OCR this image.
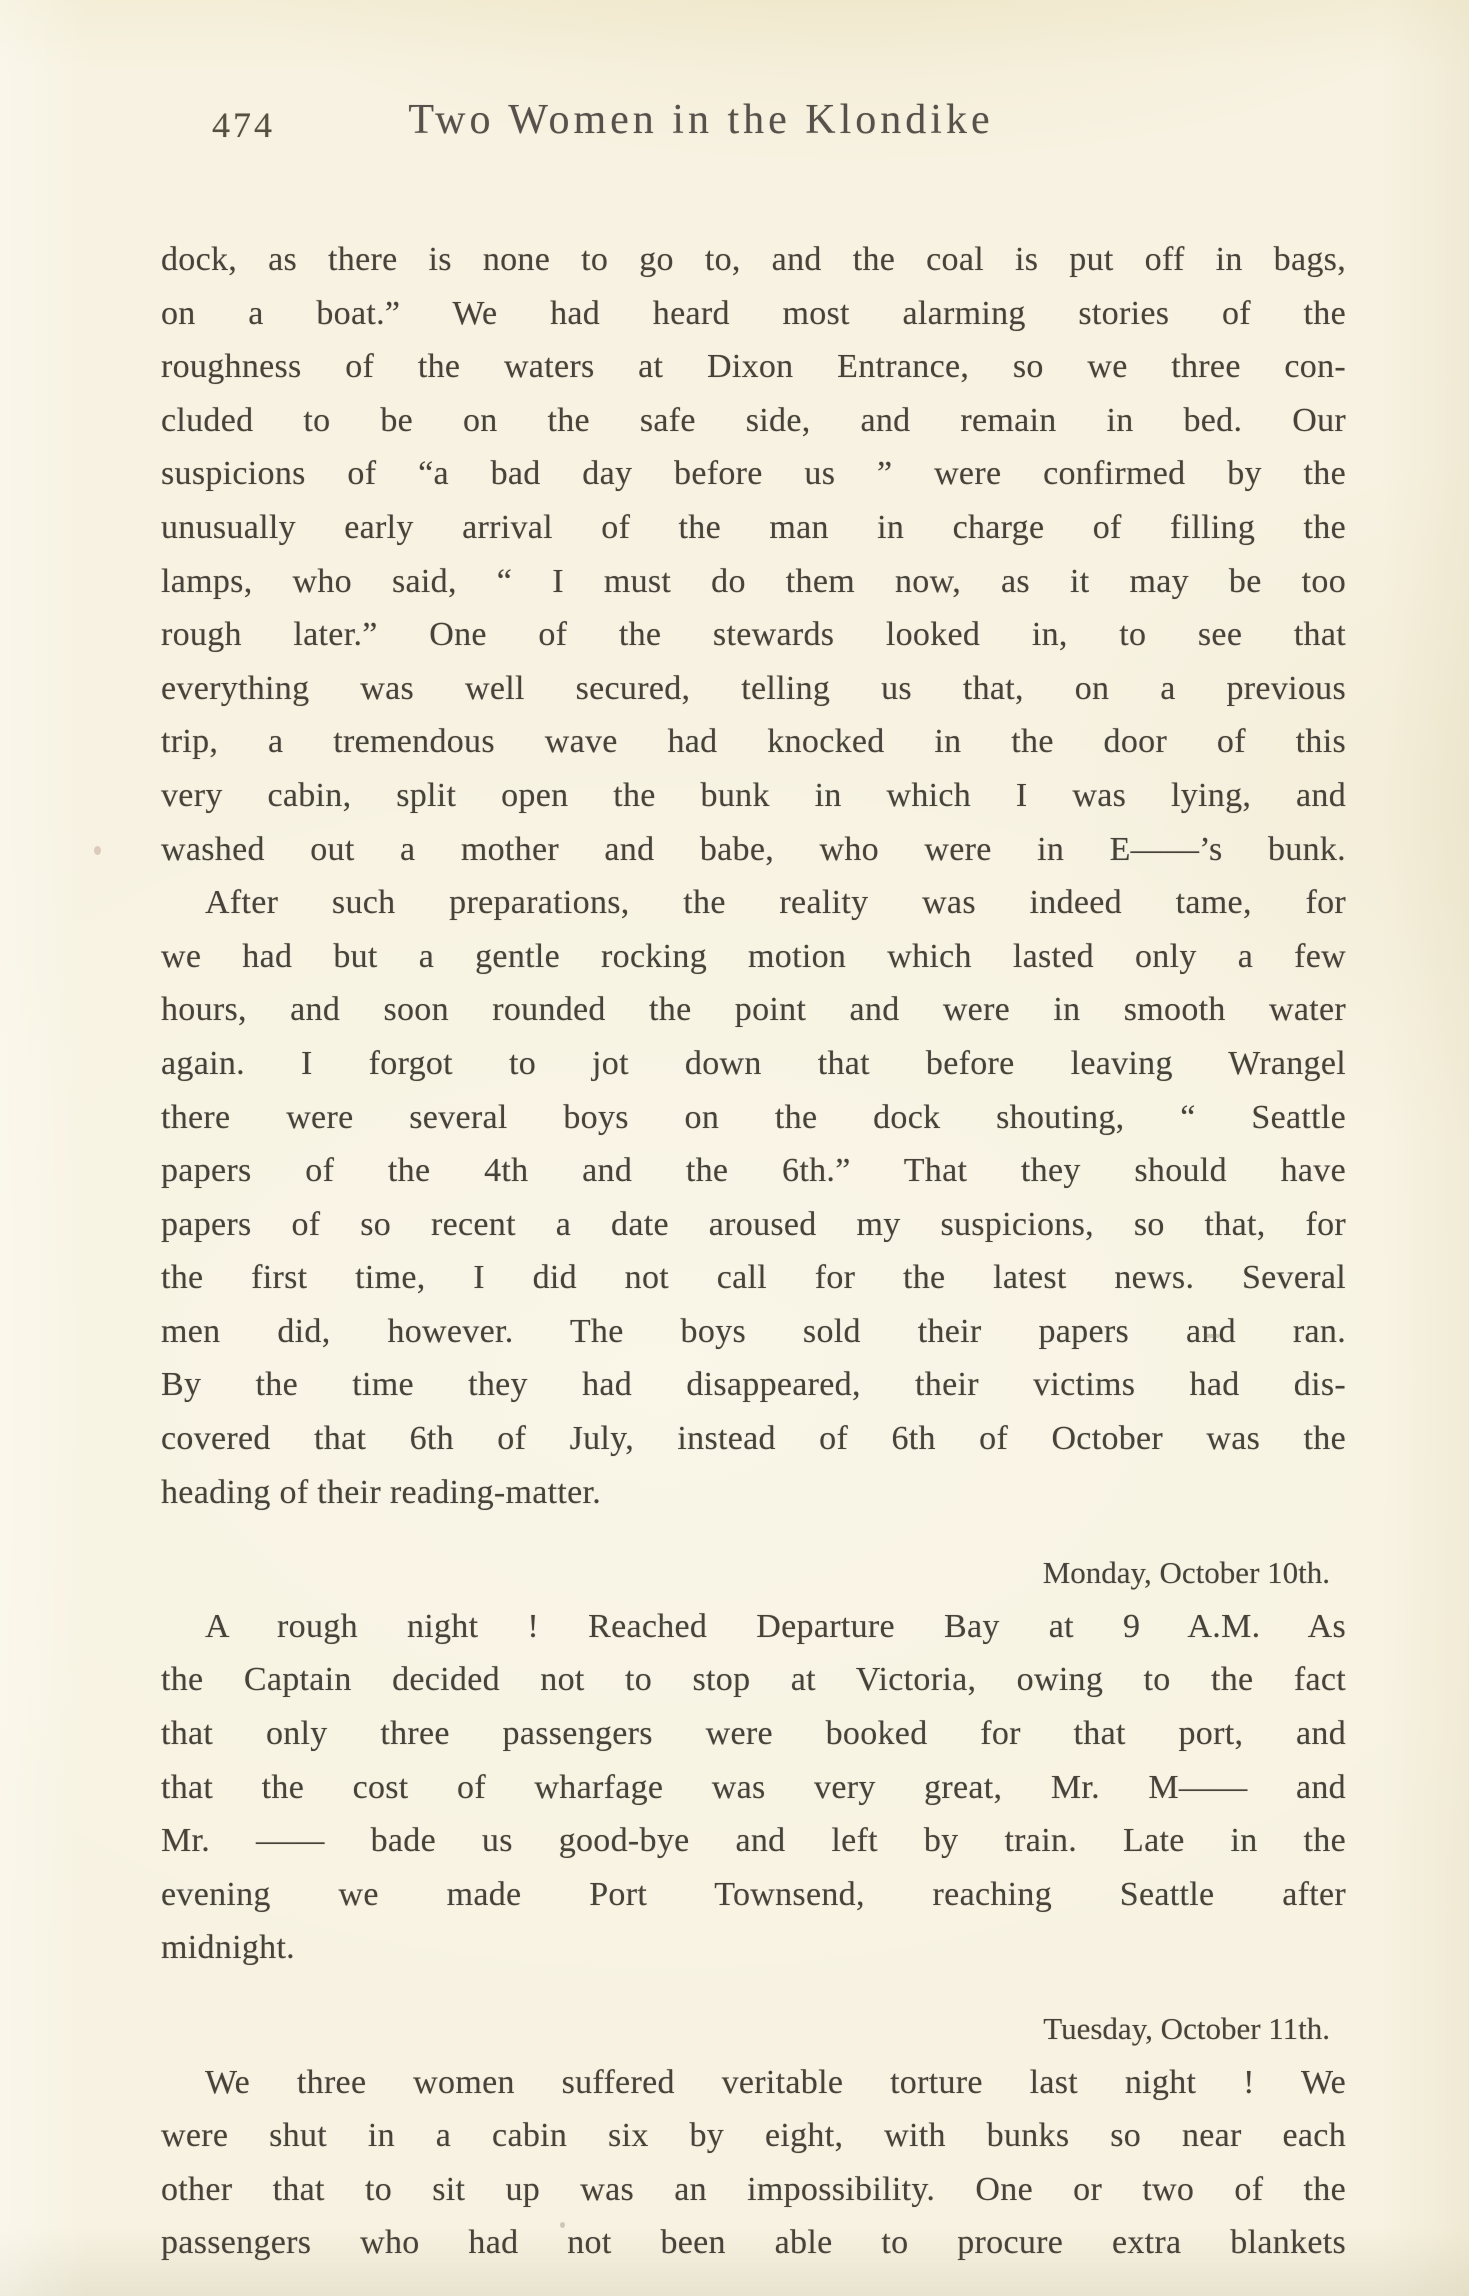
474	Two Women in the Klondike
dock, as there is none to go to, and the coal is put off in bags,
on a boat.” We had heard most alarming stories of the
roughness of the waters at Dixon Entrance, so we three con-
cluded to be on the safe side, and remain in bed. Our
suspicions of “a bad day before us ” were confirmed by the
unusually early arrival of the man in charge of filling the
lamps, who said, “ I must do them now, as it may be too
rough later.” One of the stewards looked in, to see that
everything was well secured, telling us that, on a previous
trip, a tremendous wave had knocked in the door of this
very cabin, split open the bunk in which I was lying, and
washed out a mother and babe, who were in E——’s bunk.
After such preparations, the reality was indeed tame, for
we had but a gentle rocking motion which lasted only a few
hours, and soon rounded the point and were in smooth water
again. I forgot to jot down that before leaving Wrangel
there were several boys on the dock shouting, “ Seattle
papers of the 4th and the 6th.” That they should have
papers of so recent a date aroused my suspicions, so that, for
the first time, I did not call for the latest news. Several
men did, however. The boys sold their papers and ran.
By the time they had disappeared, their victims had dis-
covered that 6th of July, instead of 6th of October was the
heading of their reading-matter.
Monday, October 10th.
A rough night ! Reached Departure Bay at 9 A.M. As
the Captain decided not to stop at Victoria, owing to the fact
that only three passengers were booked for that port, and
that the cost of wharfage was very great, Mr. M—— and
Mr. —— bade us good-bye and left by train. Late in the
evening we made Port Townsend, reaching Seattle after
midnight.
Tuesday, October 11th.
We three women suffered veritable torture last night ! We
were shut in a cabin six by eight, with bunks so near each
other that to sit up was an impossibility. One or two of the
passengers who had not been able to procure extra blankets
